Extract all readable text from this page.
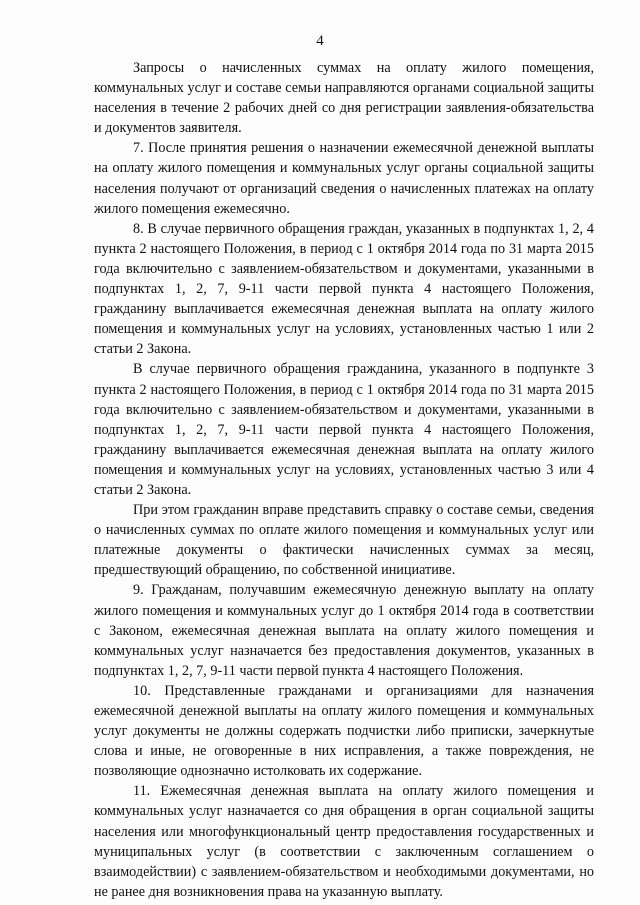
4

Запросы о начисленных суммах на оплату жилого помещения, коммунальных услуг и составе семьи направляются органами социальной защиты населения в течение 2 рабочих дней со дня регистрации заявления-обязательства и документов заявителя.

7. После принятия решения о назначении ежемесячной денежной выплаты на оплату жилого помещения и коммунальных услуг органы социальной защиты населения получают от организаций сведения о начисленных платежах на оплату жилого помещения ежемесячно.

8. В случае первичного обращения граждан, указанных в подпунктах 1, 2, 4 пункта 2 настоящего Положения, в период с 1 октября 2014 года по 31 марта 2015 года включительно с заявлением-обязательством и документами, указанными в подпунктах 1, 2, 7, 9-11 части первой пункта 4 настоящего Положения, гражданину выплачивается ежемесячная денежная выплата на оплату жилого помещения и коммунальных услуг на условиях, установленных частью 1 или 2 статьи 2 Закона.

В случае первичного обращения гражданина, указанного в подпункте 3 пункта 2 настоящего Положения, в период с 1 октября 2014 года по 31 марта 2015 года включительно с заявлением-обязательством и документами, указанными в подпунктах 1, 2, 7, 9-11 части первой пункта 4 настоящего Положения, гражданину выплачивается ежемесячная денежная выплата на оплату жилого помещения и коммунальных услуг на условиях, установленных частью 3 или 4 статьи 2 Закона.

При этом гражданин вправе представить справку о составе семьи, сведения о начисленных суммах по оплате жилого помещения и коммунальных услуг или платежные документы о фактически начисленных суммах за месяц, предшествующий обращению, по собственной инициативе.

9. Гражданам, получавшим ежемесячную денежную выплату на оплату жилого помещения и коммунальных услуг до 1 октября 2014 года в соответствии с Законом, ежемесячная денежная выплата на оплату жилого помещения и коммунальных услуг назначается без предоставления документов, указанных в подпунктах 1, 2, 7, 9-11 части первой пункта 4 настоящего Положения.

10. Представленные гражданами и организациями для назначения ежемесячной денежной выплаты на оплату жилого помещения и коммунальных услуг документы не должны содержать подчистки либо приписки, зачеркнутые слова и иные, не оговоренные в них исправления, а также повреждения, не позволяющие однозначно истолковать их содержание.

11. Ежемесячная денежная выплата на оплату жилого помещения и коммунальных услуг назначается со дня обращения в орган социальной защиты населения или многофункциональный центр предоставления государственных и муниципальных услуг (в соответствии с заключенным соглашением о взаимодействии) с заявлением-обязательством и необходимыми документами, но не ранее дня возникновения права на указанную выплату.
